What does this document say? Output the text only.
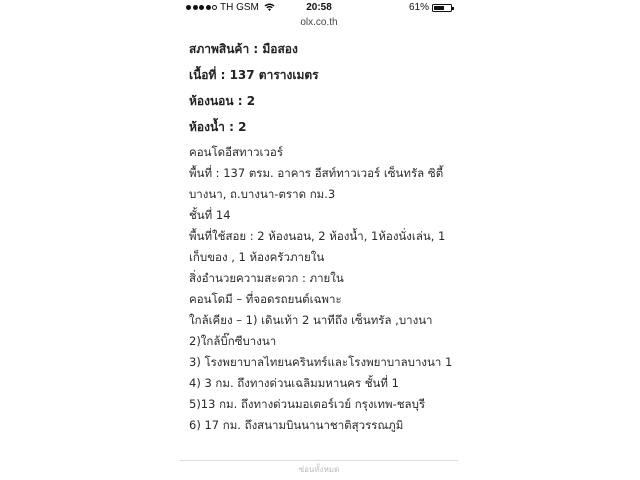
TH GSM	20:58	61%
olx.co.th
สภาพสินค้า : มือสอง
เนื้อที่ : 137 ตารางเมตร
ห้องนอน : 2
ห้องน้ำ : 2
คอนโดอีสทาวเวอร์
พื้นที่ : 137 ตรม. อาคาร อีสท์ทาวเวอร์ เซ็นทรัล ซิตี้
บางนา, ถ.บางนา-ตราด กม.3
ชั้นที่ 14
พื้นที่ใช้สอย : 2 ห้องนอน, 2 ห้องน้ำ, 1ห้องนั่งเล่น, 1
เก็บของ , 1 ห้องครัวภายใน
สิ่งอำนวยความสะดวก : ภายใน
คอนโดมี – ที่จอดรถยนต์เฉพาะ
ใกล้เคียง – 1) เดินเท้า 2 นาทีถึง เซ็นทรัล ,บางนา
2)ใกล้บิ๊กซีบางนา
3) โรงพยาบาลไทยนครินทร์และโรงพยาบาลบางนา 1
4) 3 กม. ถึงทางด่วนเฉลิมมหานคร ชั้นที่ 1
5)13 กม. ถึงทางด่วนมอเตอร์เวย์ กรุงเทพ-ชลบุรี
6) 17 กม. ถึงสนามบินนานาชาติสุวรรณภูมิ
ซ่อนทั้งหมด
